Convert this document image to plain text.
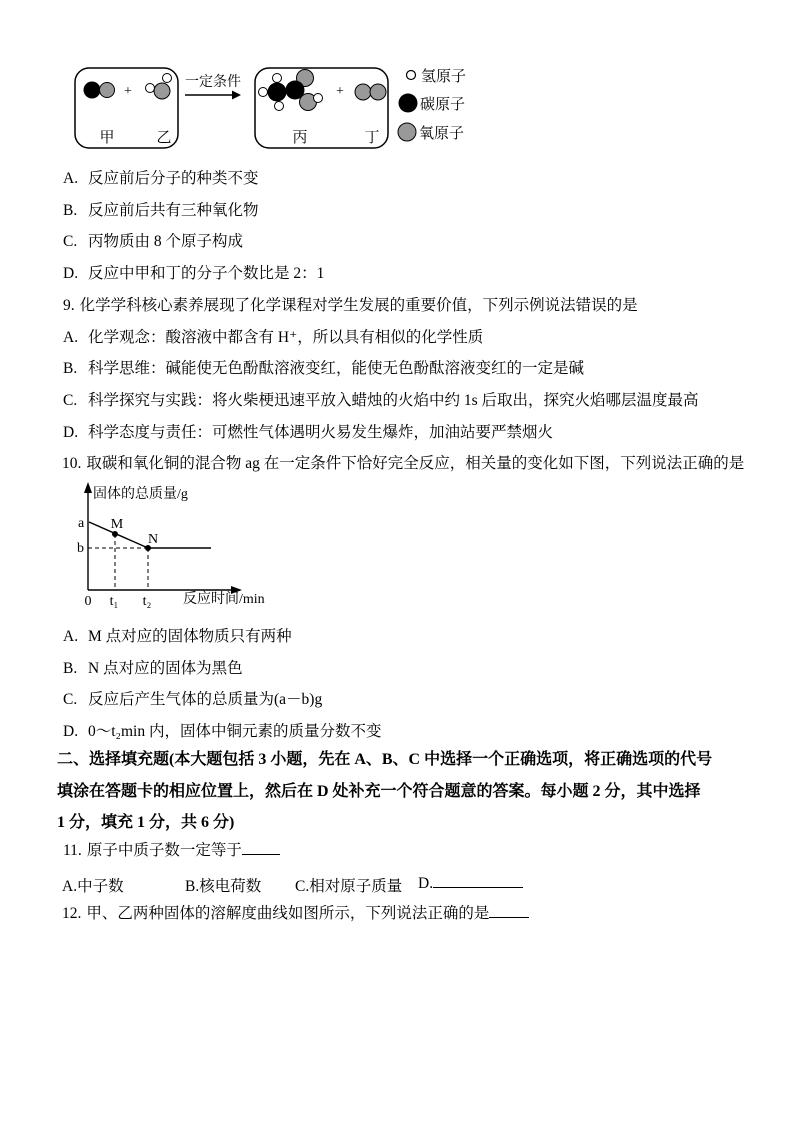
+
甲	乙
一定条件
+
丙	丁
氢原子
碳原子
氧原子
A. 反应前后分子的种类不变
B. 反应前后共有三种氧化物
C. 丙物质由 8 个原子构成
D. 反应中甲和丁的分子个数比是 2：1
9. 化学学科核心素养展现了化学课程对学生发展的重要价值，下列示例说法错误的是
A. 化学观念：酸溶液中都含有 H⁺，所以具有相似的化学性质
B. 科学思维：碱能使无色酚酞溶液变红，能使无色酚酞溶液变红的一定是碱
C. 科学探究与实践：将火柴梗迅速平放入蜡烛的火焰中约 1s 后取出，探究火焰哪层温度最高
D. 科学态度与责任：可燃性气体遇明火易发生爆炸，加油站要严禁烟火
10. 取碳和氧化铜的混合物 ag 在一定条件下恰好完全反应，相关量的变化如下图，下列说法正确的是
固体的总质量/g
a
b
M
N
0 t₁ t₂ 反应时间/min
A. M 点对应的固体物质只有两种
B. N 点对应的固体为黑色
C. 反应后产生气体的总质量为(a－b)g
D. 0～t₂min 内，固体中铜元素的质量分数不变
二、选择填充题(本大题包括 3 小题，先在 A、B、C 中选择一个正确选项，将正确选项的代号
填涂在答题卡的相应位置上，然后在 D 处补充一个符合题意的答案。每小题 2 分，其中选择
1 分，填充 1 分，共 6 分)
11. 原子中质子数一定等于
A.中子数	B.核电荷数 C.相对原子质量 D.
12. 甲、乙两种固体的溶解度曲线如图所示，下列说法正确的是
